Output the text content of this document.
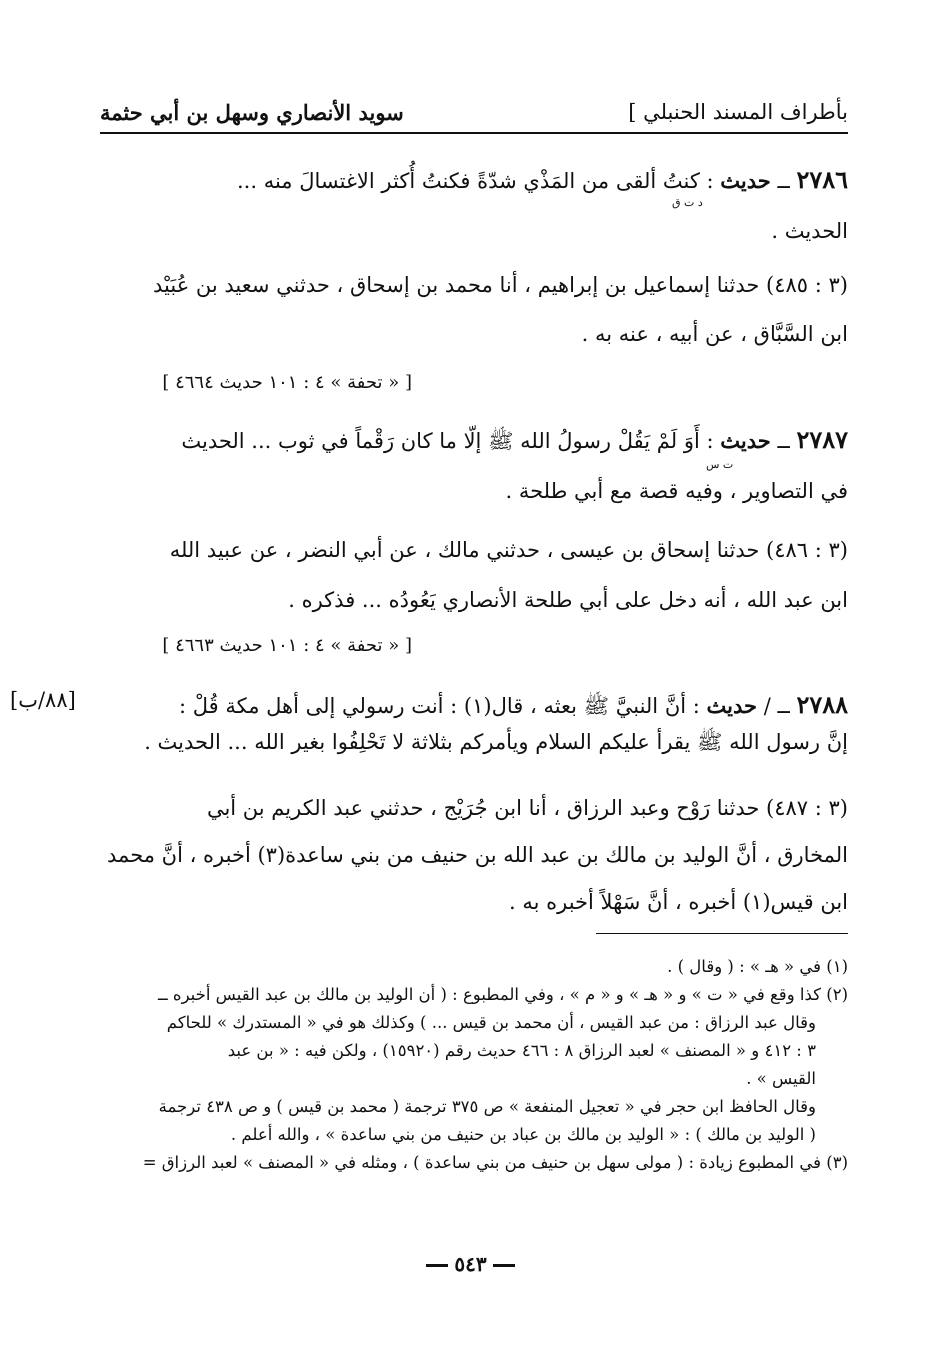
بأطراف المسند الحنبلي ]
سويد الأنصاري وسهل بن أبي حثمة
٢٧٨٦ ــ حديث : كنتُ ألقى من المَذْي شدّةً فكنتُ أُكثر الاغتسالَ منه ...
الحديث .
د ت ق
(٣ : ٤٨٥) حدثنا إسماعيل بن إبراهيم ، أنا محمد بن إسحاق ، حدثني سعيد بن عُبَيْد
ابن السَّبَّاق ، عن أبيه ، عنه به .
[ « تحفة » ٤ : ١٠١ حديث ٤٦٦٤ ]
٢٧٨٧ ــ حديث : أَوَ لَمْ يَقُلْ رسولُ الله ﷺ إلّا ما كان رَقْماً في ثوب ... الحديث
في التصاوير ، وفيه قصة مع أبي طلحة .
ت س
(٣ : ٤٨٦) حدثنا إسحاق بن عيسى ، حدثني مالك ، عن أبي النضر ، عن عبيد الله
ابن عبد الله ، أنه دخل على أبي طلحة الأنصاري يَعُودُه ... فذكره .
[ « تحفة » ٤ : ١٠١ حديث ٤٦٦٣ ]
٢٧٨٨ ــ / حديث : أنَّ النبيَّ ﷺ بعثه ، قال(١) : أنت رسولي إلى أهل مكة قُلْ :
إنَّ رسول الله ﷺ يقرأ عليكم السلام ويأمركم بثلاثة لا تَحْلِفُوا بغير الله ... الحديث .
[٨٨/ب]
(٣ : ٤٨٧) حدثنا رَوْح وعبد الرزاق ، أنا ابن جُرَيْج ، حدثني عبد الكريم بن أبي
المخارق ، أنَّ الوليد بن مالك بن عبد الله بن حنيف من بني ساعدة(٣) أخبره ، أنَّ محمد
ابن قيس(١) أخبره ، أنَّ سَهْلاً أخبره به .
(١) في « هـ » : ( وقال ) .
(٢) كذا وقع في « ت » و « هـ » و « م » ، وفي المطبوع : ( أن الوليد بن مالك بن عبد القيس أخبره ــ
وقال عبد الرزاق : من عبد القيس ، أن محمد بن قيس ... ) وكذلك هو في « المستدرك » للحاكم
٣ : ٤١٢ و « المصنف » لعبد الرزاق ٨ : ٤٦٦ حديث رقم (١٥٩٢٠) ، ولكن فيه : « بن عبد
القيس » .
وقال الحافظ ابن حجر في « تعجيل المنفعة » ص ٣٧٥ ترجمة ( محمد بن قيس ) و ص ٤٣٨ ترجمة
( الوليد بن مالك ) : « الوليد بن مالك بن عباد بن حنيف من بني ساعدة » ، والله أعلم .
(٣) في المطبوع زيادة : ( مولى سهل بن حنيف من بني ساعدة ) ، ومثله في « المصنف » لعبد الرزاق =
٥٤٣
